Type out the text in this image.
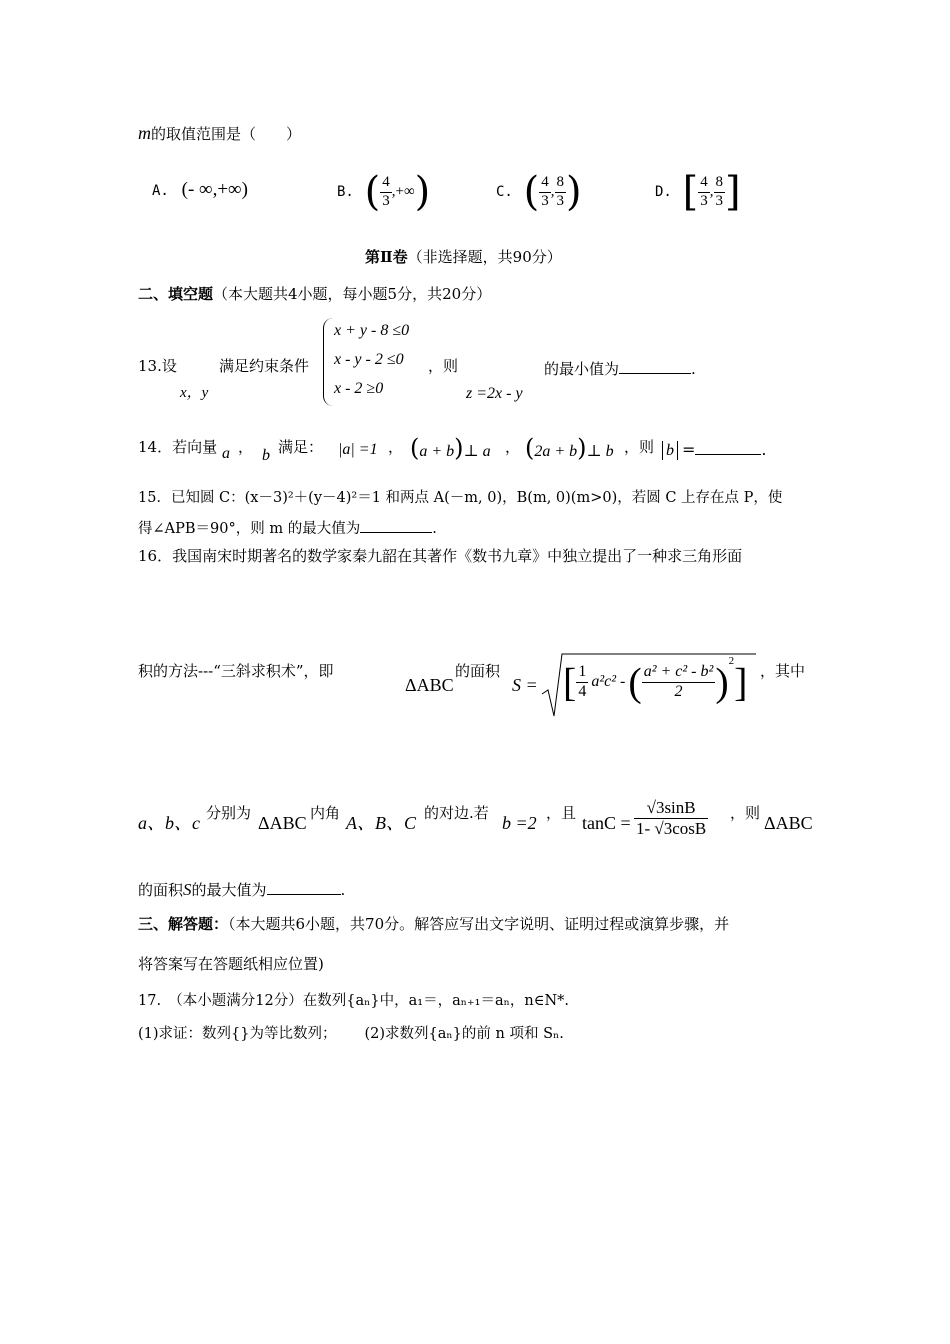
m的取值范围是（　　）
A. (- ∞,+∞)	B. ( $\frac{4}{3}$ ,+∞)	C. ( $\frac{4}{3}$ , $\frac{8}{3}$ )	D. [ $\frac{4}{3}$ , $\frac{8}{3}$ ]
第Ⅱ卷（非选择题，共90分）
二、填空题（本大题共4小题，每小题5分，共20分）
13.设
x，y
满足约束条件
x + y - 8 ≤0
x - y - 2 ≤0
x - 2 ≥0
，则
z =2x - y
的最小值为	.
14．若向量 a ， b 满足： |a| =1 ， (a + b)⊥ a ， (2a + b)⊥ b ，则 b =	.
15．已知圆 C：(x－3)²＋(y－4)²＝1 和两点 A(－m, 0)，B(m, 0)(m>0)，若圆 C 上存在点 P，使
得∠APB＝90°，则 m 的最大值为	.
16．我国南宋时期著名的数学家秦九韶在其著作《数书九章》中独立提出了一种求三角形面
积的方法---“三斜求积术”，即
ΔABC
的面积
S = [ $\frac{1}{4} a^2c^2$ -( $\frac{\text{a² + c² - b²}}{2} )^2$] ，其中
a、b、c 分别为 ΔABC 内角 A、B、C 的对边.若 b =2 ，且 $\tan C = \frac{√3\sin B}{1- √3\cos B}$ ，则 ΔABC
的面积S的最大值为	.
三、解答题：（本大题共6小题，共70分。解答应写出文字说明、证明过程或演算步骤，并
将答案写在答题纸相应位置)
17.　（本小题满分12分）在数列{aₙ}中，a₁＝，aₙ₊₁＝aₙ，n∈N*.
(1)求证：数列{}为等比数列； (2)求数列{aₙ}的前 n 项和 Sₙ.
